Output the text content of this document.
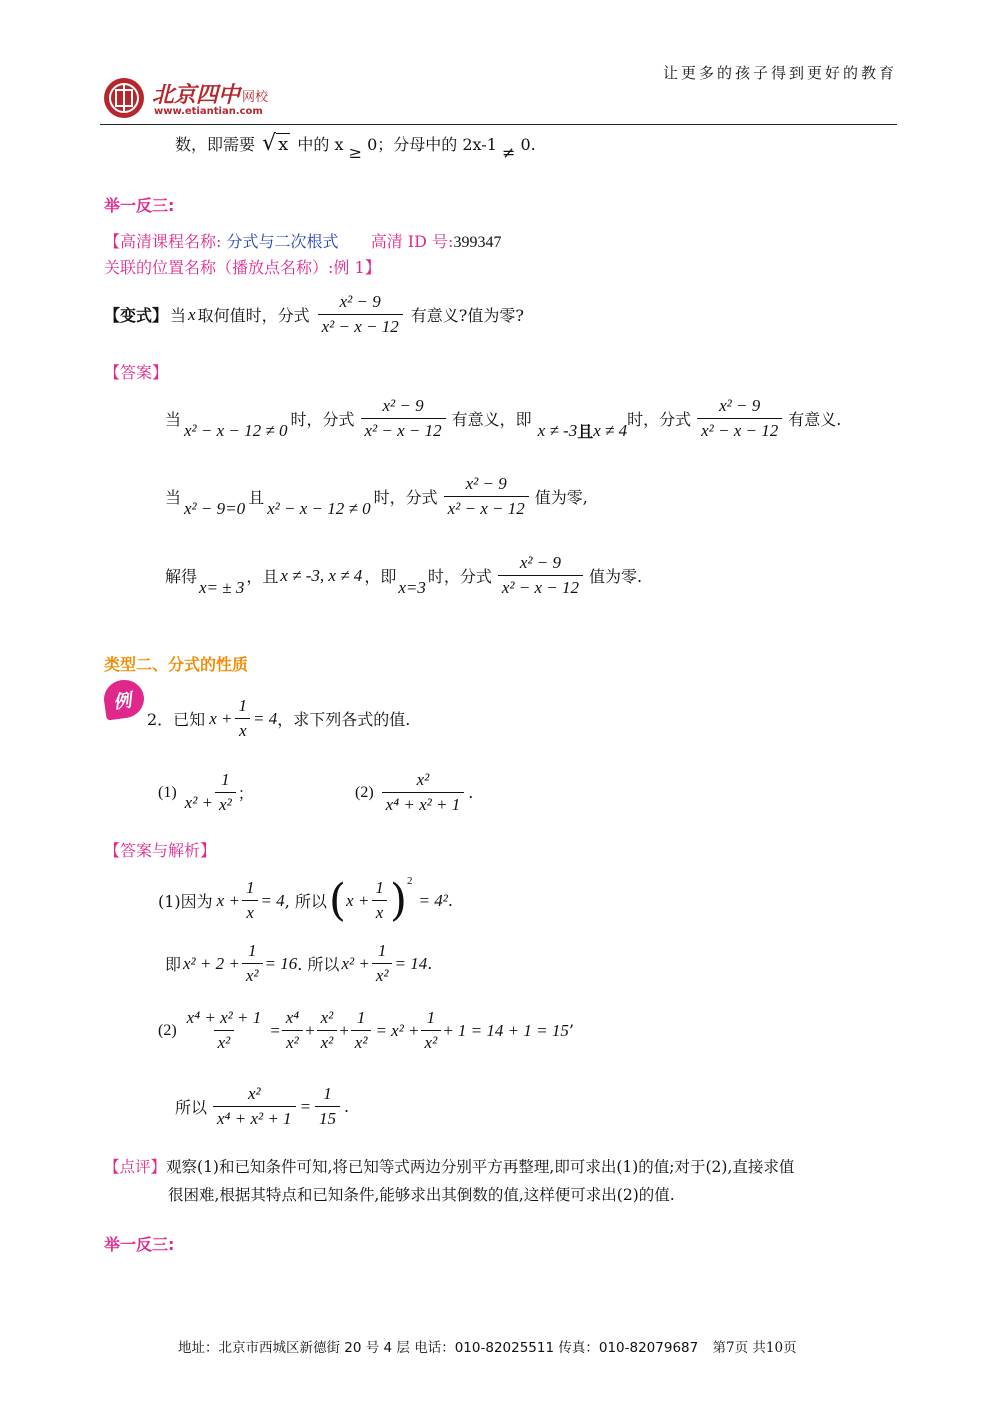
让更多的孩子得到更好的教育
北京四中 网校
www.etiantian.com
数，即需要 √ x 中的 x ≥ 0；分母中的 2x-1 ≠ 0.
举一反三:
【高清课程名称: 分式与二次根式 高清 ID 号:399347
关联的位置名称（播放点名称）:例 1】
【变式】 当 x 取何值时，分式 $\frac{\text{x² − 9}}{\text{x² − x − 12}}$ 有意义?值为零?
【答案】
当
x² − x − 12 ≠ 0
时，分式 $\frac{\text{x² − 9}}{\text{x² − x − 12}}$ 有意义，即
x ≠ -3 且 x ≠ 4
时，分式 $\frac{\text{x² − 9}}{\text{x² − x − 12}}$ 有意义.
当
x² − 9=0
且
x² − x − 12 ≠ 0
时，分式 $\frac{\text{x² − 9}}{\text{x² − x − 12}}$ 值为零,
解得
x= ± 3
，且 x ≠ -3, x ≠ 4 ，即
x=3
时，分式 $\frac{\text{x² − 9}}{\text{x² − x − 12}}$ 值为零.
类型二、分式的性质
例
2．已知 $x + \frac{1}{x} = 4$ ，求下列各式的值.
(1)
$x^2 + \frac{1}{\text{x²}}$ ；	$(2) \frac{\text{x²}}{\text{x⁴ + x² + 1}}$ .
【答案与解析】
(1)因为 $x + \frac{1}{x} = 4$ , 所以 ( $x + \frac{1}{x}$ ) 2
= 4² .
即 $x^2 + 2 + \frac{1}{\text{x²}} = 16$ . 所以 $x^2 + \frac{1}{\text{x²}} = 14$ .
$(2) \frac{\text{x⁴ + x² + 1}}{\text{x²}} = \frac{\text{x⁴}}{\text{x²}} + \frac{\text{x²}}{\text{x²}} + \frac{1}{\text{x²}} = x^2 + \frac{1}{\text{x²}} + 1 = 14 + 1 = 15$ ’
所以 $\frac{\text{x²}}{\text{x⁴ + x² + 1}} = \frac{1}{15}$ .
【点评】观察(1)和已知条件可知,将已知等式两边分别平方再整理,即可求出(1)的值;对于(2),直接求值
很困难,根据其特点和已知条件,能够求出其倒数的值,这样便可求出(2)的值.
举一反三:
地址：北京市西城区新德街 20 号 4 层 电话：010-82025511 传真：010-82079687 第7页 共10页
